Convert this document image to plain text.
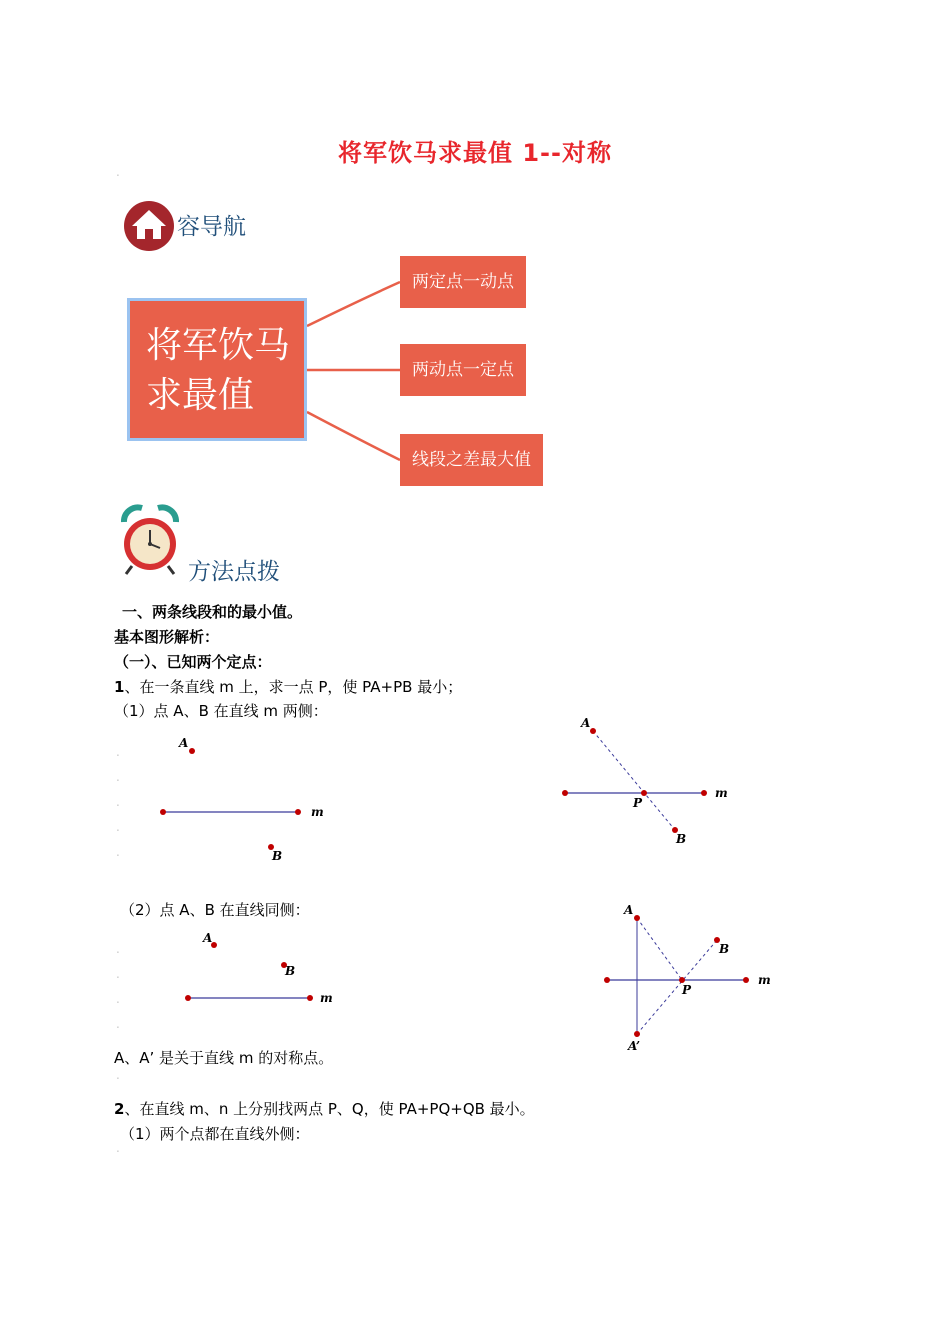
将军饮马求最值 1--对称
.
容导航
将军饮马
求最值
两定点一动点
两动点一定点
线段之差最大值
方法点拨
一、两条线段和的最小值。
基本图形解析：
（一）、已知两个定点：
1、在一条直线 m 上，求一点 P，使 PA+PB 最小；
（1）点 A、B 在直线 m 两侧：
.
.
.
.
.
A
B
m
A
B
P
m
（2）点 A、B 在直线同侧：
.
.
.
.
A
B
m
A
B
P
m
A’
A、A’ 是关于直线 m 的对称点。
.
2、在直线 m、n 上分别找两点 P、Q，使 PA+PQ+QB 最小。
（1）两个点都在直线外侧：
.
